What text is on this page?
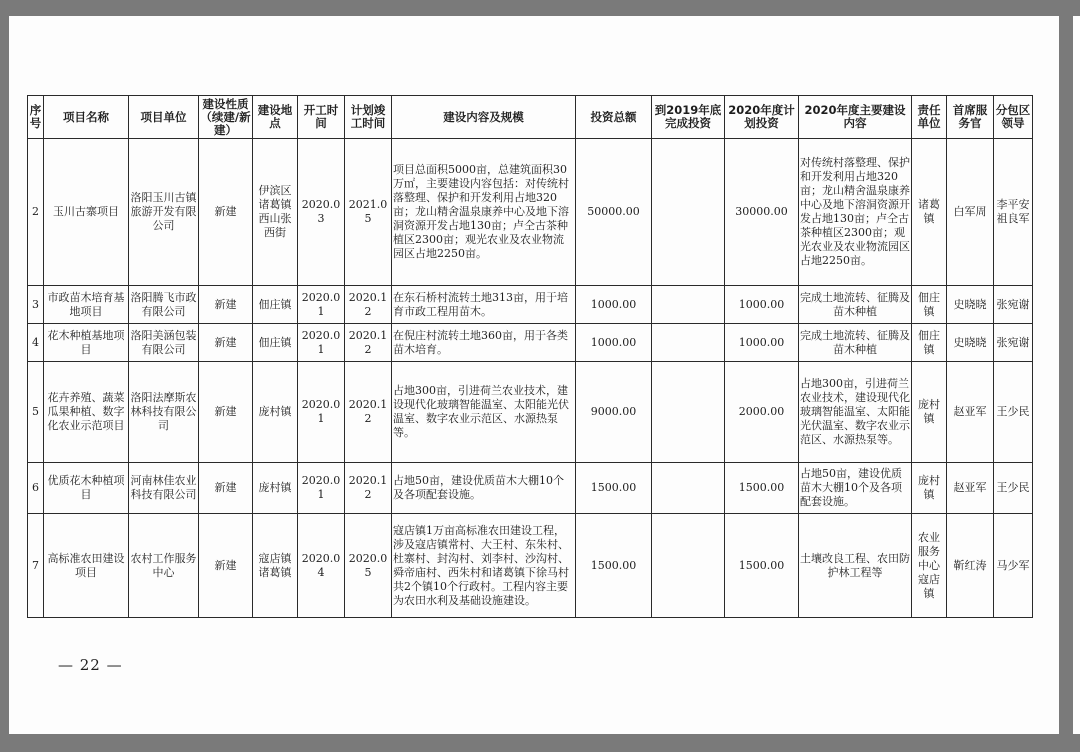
序号	项目名称	项目单位	建设性质（续建/新建）	建设地点	开工时间	计划竣工时间	建设内容及规模	投资总额	到2019年底完成投资	2020年度计划投资	2020年度主要建设内容	责任单位	首席服务官	分包区领导
2	玉川古寨项目	洛阳玉川古镇旅游开发有限公司	新建	伊滨区诸葛镇西山张西街	2020.03	2021.05	项目总面积5000亩，总建筑面积30万㎡，主要建设内容包括：对传统村落整理、保护和开发利用占地320亩；龙山精舍温泉康养中心及地下溶洞资源开发占地130亩；卢仝古茶种植区2300亩；观光农业及农业物流园区占地2250亩。	50000.00		30000.00	对传统村落整理、保护和开发利用占地320亩；龙山精舍温泉康养中心及地下溶洞资源开发占地130亩；卢仝古茶种植区2300亩；观光农业及农业物流园区占地2250亩。	诸葛镇	白军周	李平安祖良军
3	市政苗木培育基地项目	洛阳腾飞市政有限公司	新建	佃庄镇	2020.01	2020.12	在东石桥村流转土地313亩，用于培育市政工程用苗木。	1000.00		1000.00	完成土地流转、征腾及苗木种植	佃庄镇	史晓晓	张宛谢
4	花木种植基地项目	洛阳美涵包装有限公司	新建	佃庄镇	2020.01	2020.12	在倪庄村流转土地360亩，用于各类苗木培育。	1000.00		1000.00	完成土地流转、征腾及苗木种植	佃庄镇	史晓晓	张宛谢
5	花卉养殖、蔬菜瓜果种植、数字化农业示范项目	洛阳法摩斯农林科技有限公司	新建	庞村镇	2020.01	2020.12	占地300亩，引进荷兰农业技术，建设现代化玻璃智能温室、太阳能光伏温室、数字农业示范区、水源热泵等。	9000.00		2000.00	占地300亩，引进荷兰农业技术，建设现代化玻璃智能温室、太阳能光伏温室、数字农业示范区、水源热泵等。	庞村镇	赵亚军	王少民
6	优质花木种植项目	河南林佳农业科技有限公司	新建	庞村镇	2020.01	2020.12	占地50亩，建设优质苗木大棚10个及各项配套设施。	1500.00		1500.00	占地50亩，建设优质苗木大棚10个及各项配套设施。	庞村镇	赵亚军	王少民
7	高标准农田建设项目	农村工作服务中心	新建	寇店镇诸葛镇	2020.04	2020.05	寇店镇1万亩高标准农田建设工程，涉及寇店镇常村、大王村、东朱村、杜寨村、封沟村、刘李村、沙沟村、舜帝庙村、西朱村和诸葛镇下徐马村共2个镇10个行政村。工程内容主要为农田水利及基础设施建设。	1500.00		1500.00	土壤改良工程、农田防护林工程等	农业服务中心寇店镇	靳红涛	马少军
— 22 —
